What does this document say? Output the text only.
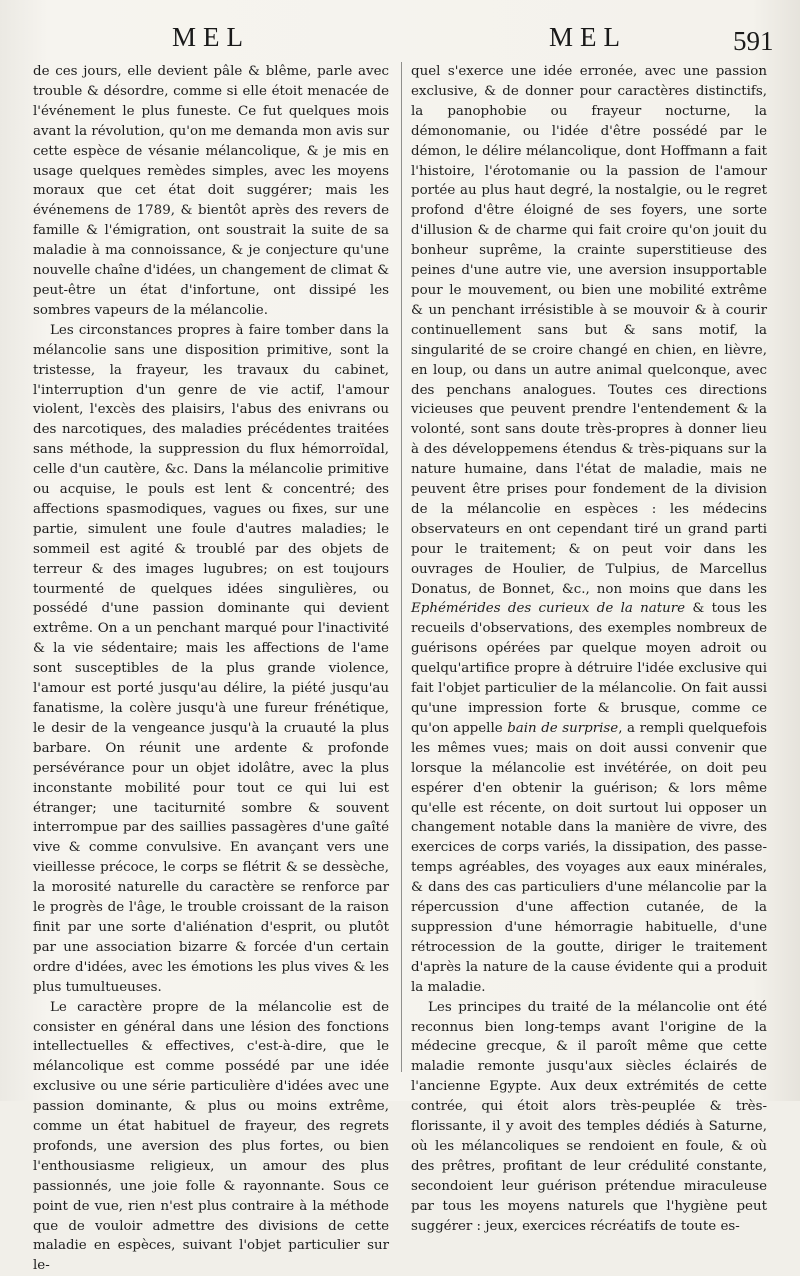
MEL	MEL	591

de ces jours, elle devient pâle & blême, parle avec trouble & désordre, comme si elle étoit menacée de l'événement le plus funeste. Ce fut quelques mois avant la révolution, qu'on me demanda mon avis sur cette espèce de vésanie mélancolique, & je mis en usage quelques remèdes simples, avec les moyens moraux que cet état doit suggérer; mais les événemens de 1789, & bientôt après des revers de famille & l'émigration, ont soustrait la suite de sa maladie à ma connoissance, & je conjecture qu'une nouvelle chaîne d'idées, un changement de climat & peut-être un état d'infortune, ont dissipé les sombres vapeurs de la mélancolie.

Les circonstances propres à faire tomber dans la mélancolie sans une disposition primitive, sont la tristesse, la frayeur, les travaux du cabinet, l'interruption d'un genre de vie actif, l'amour violent, l'excès des plaisirs, l'abus des enivrans ou des narcotiques, des maladies précédentes traitées sans méthode, la suppression du flux hémorroïdal, celle d'un cautère, &c. Dans la mélancolie primitive ou acquise, le pouls est lent & concentré; des affections spasmodiques, vagues ou fixes, sur une partie, simulent une foule d'autres maladies; le sommeil est agité & troublé par des objets de terreur & des images lugubres; on est toujours tourmenté de quelques idées singulières, ou possédé d'une passion dominante qui devient extrême. On a un penchant marqué pour l'inactivité & la vie sédentaire; mais les affections de l'ame sont susceptibles de la plus grande violence, l'amour est porté jusqu'au délire, la piété jusqu'au fanatisme, la colère jusqu'à une fureur frénétique, le desir de la vengeance jusqu'à la cruauté la plus barbare. On réunit une ardente & profonde persévérance pour un objet idolâtre, avec la plus inconstante mobilité pour tout ce qui lui est étranger; une taciturnité sombre & souvent interrompue par des saillies passagères d'une gaîté vive & comme convulsive. En avançant vers une vieillesse précoce, le corps se flétrit & se dessèche, la morosité naturelle du caractère se renforce par le progrès de l'âge, le trouble croissant de la raison finit par une sorte d'aliénation d'esprit, ou plutôt par une association bizarre & forcée d'un certain ordre d'idées, avec les émotions les plus vives & les plus tumultueuses.

Le caractère propre de la mélancolie est de consister en général dans une lésion des fonctions intellectuelles & effectives, c'est-à-dire, que le mélancolique est comme possédé par une idée exclusive ou une série particulière d'idées avec une passion dominante, & plus ou moins extrême, comme un état habituel de frayeur, des regrets profonds, une aversion des plus fortes, ou bien l'enthousiasme religieux, un amour des plus passionnés, une joie folle & rayonnante. Sous ce point de vue, rien n'est plus contraire à la méthode que de vouloir admettre des divisions de cette maladie en espèces, suivant l'objet particulier sur le-

quel s'exerce une idée erronée, avec une passion exclusive, & de donner pour caractères distinctifs, la panophobie ou frayeur nocturne, la démonomanie, ou l'idée d'être possédé par le démon, le délire mélancolique, dont Hoffmann a fait l'histoire, l'érotomanie ou la passion de l'amour portée au plus haut degré, la nostalgie, ou le regret profond d'être éloigné de ses foyers, une sorte d'illusion & de charme qui fait croire qu'on jouit du bonheur suprême, la crainte superstitieuse des peines d'une autre vie, une aversion insupportable pour le mouvement, ou bien une mobilité extrême & un penchant irrésistible à se mouvoir & à courir continuellement sans but & sans motif, la singularité de se croire changé en chien, en lièvre, en loup, ou dans un autre animal quelconque, avec des penchans analogues. Toutes ces directions vicieuses que peuvent prendre l'entendement & la volonté, sont sans doute très-propres à donner lieu à des développemens étendus & très-piquans sur la nature humaine, dans l'état de maladie, mais ne peuvent être prises pour fondement de la division de la mélancolie en espèces : les médecins observateurs en ont cependant tiré un grand parti pour le traitement; & on peut voir dans les ouvrages de Houlier, de Tulpius, de Marcellus Donatus, de Bonnet, &c., non moins que dans les Ephémérides des curieux de la nature & tous les recueils d'observations, des exemples nombreux de guérisons opérées par quelque moyen adroit ou quelqu'artifice propre à détruire l'idée exclusive qui fait l'objet particulier de la mélancolie. On fait aussi qu'une impression forte & brusque, comme ce qu'on appelle bain de surprise, a rempli quelquefois les mêmes vues; mais on doit aussi convenir que lorsque la mélancolie est invétérée, on doit peu espérer d'en obtenir la guérison; & lors même qu'elle est récente, on doit surtout lui opposer un changement notable dans la manière de vivre, des exercices de corps variés, la dissipation, des passe-temps agréables, des voyages aux eaux minérales, & dans des cas particuliers d'une mélancolie par la répercussion d'une affection cutanée, de la suppression d'une hémorragie habituelle, d'une rétrocession de la goutte, diriger le traitement d'après la nature de la cause évidente qui a produit la maladie.

Les principes du traité de la mélancolie ont été reconnus bien long-temps avant l'origine de la médecine grecque, & il paroît même que cette maladie remonte jusqu'aux siècles éclairés de l'ancienne Egypte. Aux deux extrémités de cette contrée, qui étoit alors très-peuplée & très-florissante, il y avoit des temples dédiés à Saturne, où les mélancoliques se rendoient en foule, & où des prêtres, profitant de leur crédulité constante, secondoient leur guérison prétendue miraculeuse par tous les moyens naturels que l'hygiène peut suggérer : jeux, exercices récréatifs de toute es-
